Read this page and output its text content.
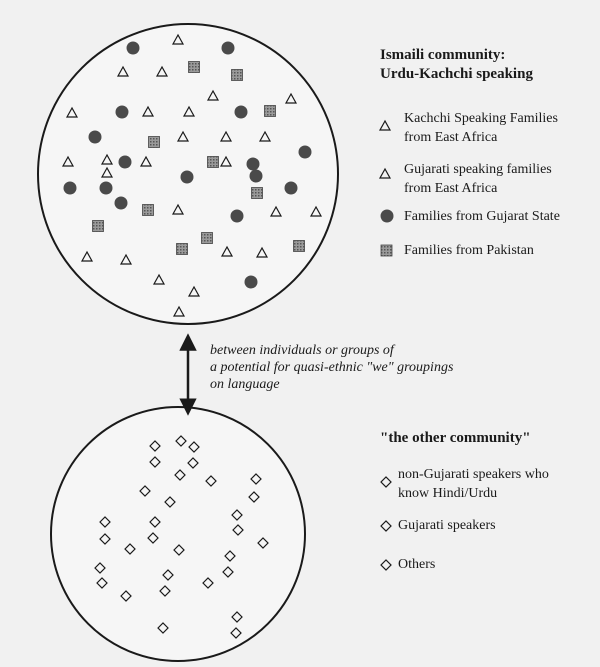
Ismaili community:
Urdu-Kachchi speaking
Kachchi Speaking Families
from East Africa
Gujarati speaking families
from East Africa
Families from Gujarat State
Families from Pakistan
between individuals or groups of
a potential for quasi-ethnic "we" groupings
on language
"the other community"
non-Gujarati speakers who
know Hindi/Urdu
Gujarati speakers
Others
